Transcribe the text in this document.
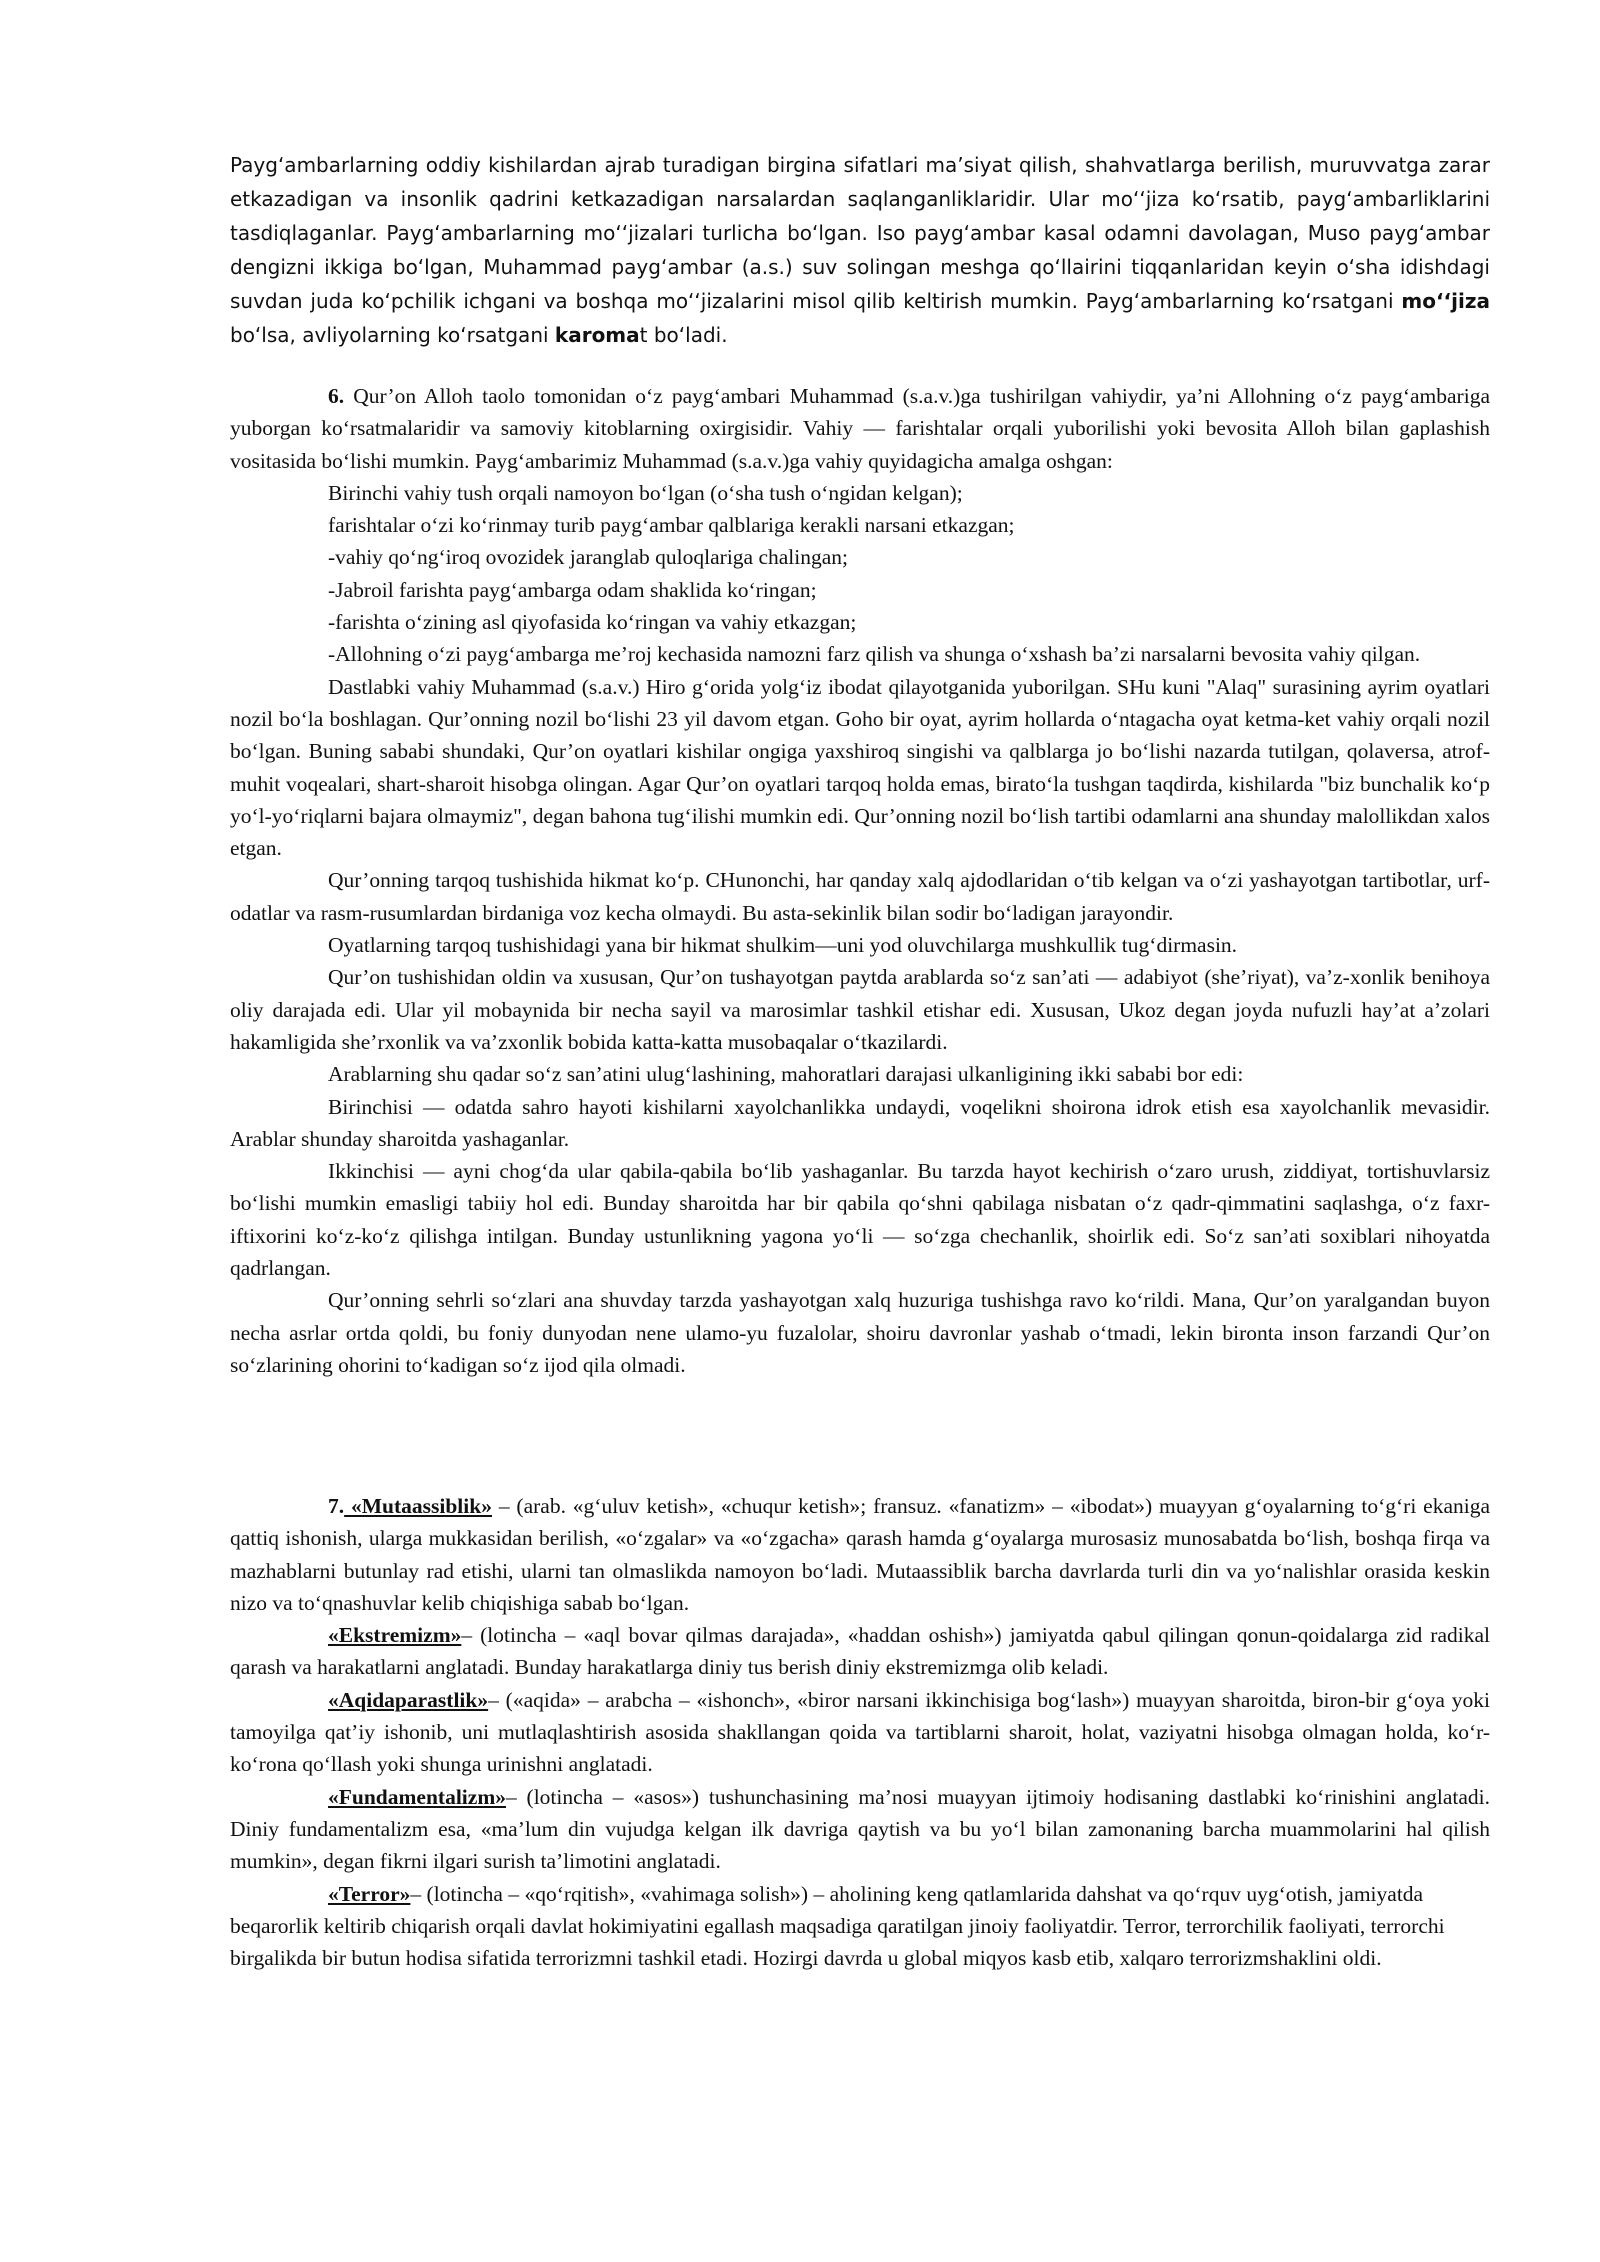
Payg‘ambarlarning oddiy kishilardan ajrab turadigan birgina sifatlari ma’siyat qilish, shahvatlarga berilish, muruvvatga zarar etkazadigan va insonlik qadrini ketkazadigan narsalardan saqlanganliklaridir. Ular mo‘‘jiza ko‘rsatib, payg‘ambarliklarini tasdiqlaganlar. Payg‘ambarlarning mo‘‘jizalari turlicha bo‘lgan. Iso payg‘ambar kasal odamni davolagan, Muso payg‘ambar dengizni ikkiga bo‘lgan, Muhammad payg‘ambar (a.s.) suv solingan meshga qo‘llairini tiqqanlaridan keyin o‘sha idishdagi suvdan juda ko‘pchilik ichgani va boshqa mo‘‘jizalarini misol qilib keltirish mumkin. Payg‘ambarlarning ko‘rsatgani mo‘‘jiza bo‘lsa, avliyolarning ko‘rsatgani karomat bo‘ladi.

6. Qur’on Alloh taolo tomonidan o‘z payg‘ambari Muhammad (s.a.v.)ga tushirilgan vahiydir, ya’ni Allohning o‘z payg‘ambariga yuborgan ko‘rsatmalaridir va samoviy kitoblarning oxirgisidir. Vahiy — farishtalar orqali yuborilishi yoki bevosita Alloh bilan gaplashish vositasida bo‘lishi mumkin. Payg‘ambarimiz Muhammad (s.a.v.)ga vahiy quyidagicha amalga oshgan:

Birinchi vahiy tush orqali namoyon bo‘lgan (o‘sha tush o‘ngidan kelgan);
farishtalar o‘zi ko‘rinmay turib payg‘ambar qalblariga kerakli narsani etkazgan;
-vahiy qo‘ng‘iroq ovozidek jaranglab quloqlariga chalingan;
-Jabroil farishta payg‘ambarga odam shaklida ko‘ringan;
-farishta o‘zining asl qiyofasida ko‘ringan va vahiy etkazgan;
-Allohning o‘zi payg‘ambarga me’roj kechasida namozni farz qilish va shunga o‘xshash ba’zi narsalarni bevosita vahiy qilgan.

Dastlabki vahiy Muhammad (s.a.v.) Hiro g‘orida yolg‘iz ibodat qilayotganida yuborilgan. SHu kuni "Alaq" surasining ayrim oyatlari nozil bo‘la boshlagan. Qur’onning nozil bo‘lishi 23 yil davom etgan. Goho bir oyat, ayrim hollarda o‘ntagacha oyat ketma-ket vahiy orqali nozil bo‘lgan. Buning sababi shundaki, Qur’on oyatlari kishilar ongiga yaxshiroq singishi va qalblarga jo bo‘lishi nazarda tutilgan, qolaversa, atrof-muhit voqealari, shart-sharoit hisobga olingan. Agar Qur’on oyatlari tarqoq holda emas, birato‘la tushgan taqdirda, kishilarda "biz bunchalik ko‘p yo‘l-yo‘riqlarni bajara olmaymiz", degan bahona tug‘ilishi mumkin edi. Qur’onning nozil bo‘lish tartibi odamlarni ana shunday malollikdan xalos etgan.

Qur’onning tarqoq tushishida hikmat ko‘p. CHunonchi, har qanday xalq ajdodlaridan o‘tib kelgan va o‘zi yashayotgan tartibotlar, urf-odatlar va rasm-rusumlardan birdaniga voz kecha olmaydi. Bu asta-sekinlik bilan sodir bo‘ladigan jarayondir.

Oyatlarning tarqoq tushishidagi yana bir hikmat shulkim—uni yod oluvchilarga mushkullik tug‘dirmasin.

Qur’on tushishidan oldin va xususan, Qur’on tushayotgan paytda arablarda so‘z san’ati — adabiyot (she’riyat), va’z-xonlik benihoya oliy darajada edi. Ular yil mobaynida bir necha sayil va marosimlar tashkil etishar edi. Xususan, Ukoz degan joyda nufuzli hay’at a’zolari hakamligida she’rxonlik va va’zxonlik bobida katta-katta musobaqalar o‘tkazilardi.

Arablarning shu qadar so‘z san’atini ulug‘lashining, mahoratlari darajasi ulkanligining ikki sababi bor edi:

Birinchisi — odatda sahro hayoti kishilarni xayolchanlikka undaydi, voqelikni shoirona idrok etish esa xayolchanlik mevasidir. Arablar shunday sharoitda yashaganlar.

Ikkinchisi — ayni chog‘da ular qabila-qabila bo‘lib yashaganlar. Bu tarzda hayot kechirish o‘zaro urush, ziddiyat, tortishuvlarsiz bo‘lishi mumkin emasligi tabiiy hol edi. Bunday sharoitda har bir qabila qo‘shni qabilaga nisbatan o‘z qadr-qimmatini saqlashga, o‘z faxr-iftixorini ko‘z-ko‘z qilishga intilgan. Bunday ustunlikning yagona yo‘li — so‘zga chechanlik, shoirlik edi. So‘z san’ati soxiblari nihoyatda qadrlangan.

Qur’onning sehrli so‘zlari ana shuvday tarzda yashayotgan xalq huzuriga tushishga ravo ko‘rildi. Mana, Qur’on yaralgandan buyon necha asrlar ortda qoldi, bu foniy dunyodan nene ulamo-yu fuzalolar, shoiru davronlar yashab o‘tmadi, lekin bironta inson farzandi Qur’on so‘zlarining ohorini to‘kadigan so‘z ijod qila olmadi.

7. «Mutaassiblik» – (arab. «g‘uluv ketish», «chuqur ketish»; fransuz. «fanatizm» – «ibodat») muayyan g‘oyalarning to‘g‘ri ekaniga qattiq ishonish, ularga mukkasidan berilish, «o‘zgalar» va «o‘zgacha» qarash hamda g‘oyalarga murosasiz munosabatda bo‘lish, boshqa firqa va mazhablarni butunlay rad etishi, ularni tan olmaslikda namoyon bo‘ladi. Mutaassiblik barcha davrlarda turli din va yo‘nalishlar orasida keskin nizo va to‘qnashuvlar kelib chiqishiga sabab bo‘lgan.

«Ekstremizm»– (lotincha – «aql bovar qilmas darajada», «haddan oshish») jamiyatda qabul qilingan qonun-qoidalarga zid radikal qarash va harakatlarni anglatadi. Bunday harakatlarga diniy tus berish diniy ekstremizmga olib keladi.

«Aqidaparastlik»– («aqida» – arabcha – «ishonch», «biror narsani ikkinchisiga bog‘lash») muayyan sharoitda, biron-bir g‘oya yoki tamoyilga qat’iy ishonib, uni mutlaqlashtirish asosida shakllangan qoida va tartiblarni sharoit, holat, vaziyatni hisobga olmagan holda, ko‘r-ko‘rona qo‘llash yoki shunga urinishni anglatadi.

«Fundamentalizm»– (lotincha – «asos») tushunchasining ma’nosi muayyan ijtimoiy hodisaning dastlabki ko‘rinishini anglatadi. Diniy fundamentalizm esa, «ma’lum din vujudga kelgan ilk davriga qaytish va bu yo‘l bilan zamonaning barcha muammolarini hal qilish mumkin», degan fikrni ilgari surish ta’limotini anglatadi.

«Terror»– (lotincha – «qo‘rqitish», «vahimaga solish») – aholining keng qatlamlarida dahshat va qo‘rquv uyg‘otish, jamiyatda beqarorlik keltirib chiqarish orqali davlat hokimiyatini egallash maqsadiga qaratilgan jinoiy faoliyatdir. Terror, terrorchilik faoliyati, terrorchi birgalikda bir butun hodisa sifatida terrorizmni tashkil etadi. Hozirgi davrda u global miqyos kasb etib, xalqaro terrorizmshaklini oldi.
